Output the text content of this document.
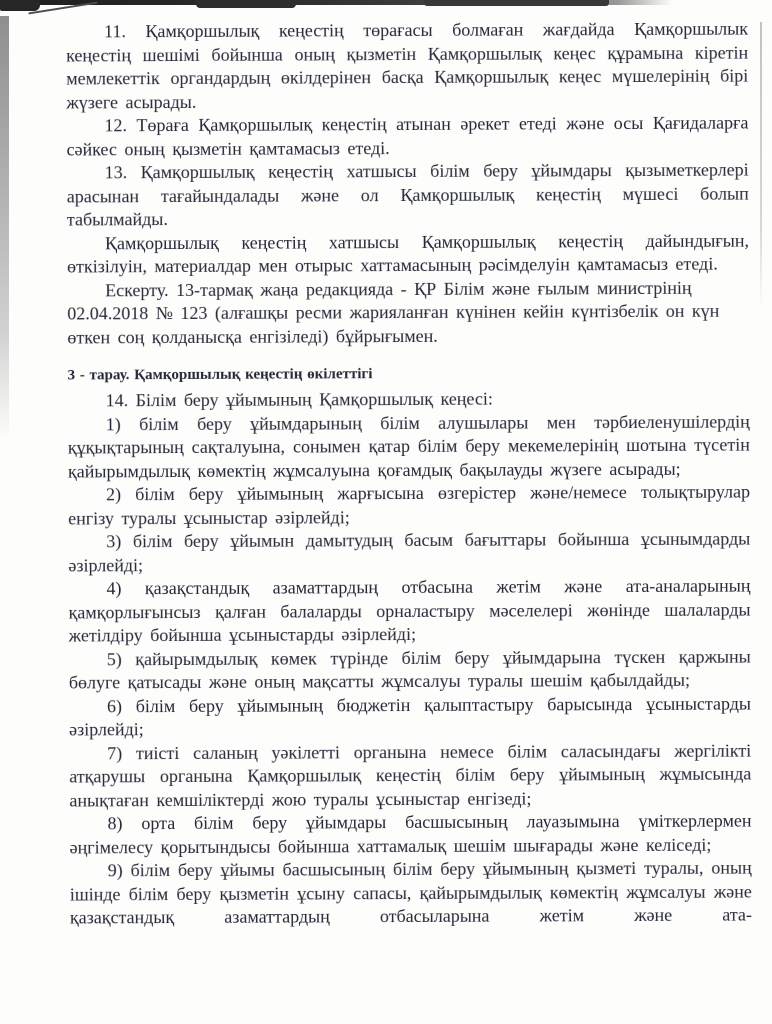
11. Қамқоршылық кеңестің төрағасы болмаған жағдайда Қамқоршылык кеңестің шешімі бойынша оның қызметін Қамқоршылық кеңес құрамына кіретін мемлекеттік органдардың өкілдерінен басқа Қамқоршылық кеңес мүшелерінің бірі жүзеге асырады.

12. Төраға Қамқоршылық кеңестің атынан әрекет етеді және осы Қағидаларға сәйкес оның қызметін қамтамасыз етеді.

13. Қамқоршылық кеңестің хатшысы білім беру ұйымдары қызыметкерлері арасынан тағайындалады және ол Қамқоршылық кеңестің мүшесі болып табылмайды.

Қамқоршылық кеңестің хатшысы Қамқоршылық кеңестің дайындығын, өткізілуін, материалдар мен отырыс хаттамасының рәсімделуін қамтамасыз етеді.

Ескерту. 13-тармақ жаңа редакцияда - ҚР Білім және ғылым министрінің 02.04.2018 № 123 (алғашқы ресми жарияланған күнінен кейін күнтізбелік он күн өткен соң қолданысқа енгізіледі) бұйрығымен.

3 - тарау. Қамқоршылық кеңестің өкілеттігі

14. Білім беру ұйымының Қамқоршылық кеңесі:

1) білім беру ұйымдарының білім алушылары мен тәрбиеленушілердің құқықтарының сақталуына, сонымен қатар білім беру мекемелерінің шотына түсетін қайырымдылық көмектің жұмсалуына қоғамдық бақылауды жүзеге асырады;

2) білім беру ұйымының жарғысына өзгерістер және/немесе толықтырулар енгізу туралы ұсыныстар әзірлейді;

3) білім беру ұйымын дамытудың басым бағыттары бойынша ұсынымдарды әзірлейді;

4) қазақстандық азаматтардың отбасына жетім және ата-аналарының қамқорлығынсыз қалған балаларды орналастыру мәселелері жөнінде шалаларды жетілдіру бойынша ұсыныстарды әзірлейді;

5) қайырымдылық көмек түрінде білім беру ұйымдарына түскен қаржыны бөлуге қатысады және оның мақсатты жұмсалуы туралы шешім қабылдайды;

6) білім беру ұйымының бюджетін қалыптастыру барысында ұсыныстарды әзірлейді;

7) тиісті саланың уәкілетті органына немесе білім саласындағы жергілікті атқарушы органына Қамқоршылық кеңестің білім беру ұйымының жұмысында анықтаған кемшіліктерді жою туралы ұсыныстар енгізеді;

8) орта білім беру ұйымдары басшысының лауазымына үміткерлермен әңгімелесу қорытындысы бойынша хаттамалық шешім шығарады және келіседі;

9) білім беру ұйымы басшысының білім беру ұйымының қызметі туралы, оның ішінде білім беру қызметін ұсыну сапасы, қайырымдылық көмектің жұмсалуы және қазақстандық азаматтардың отбасыларына жетім және ата-
